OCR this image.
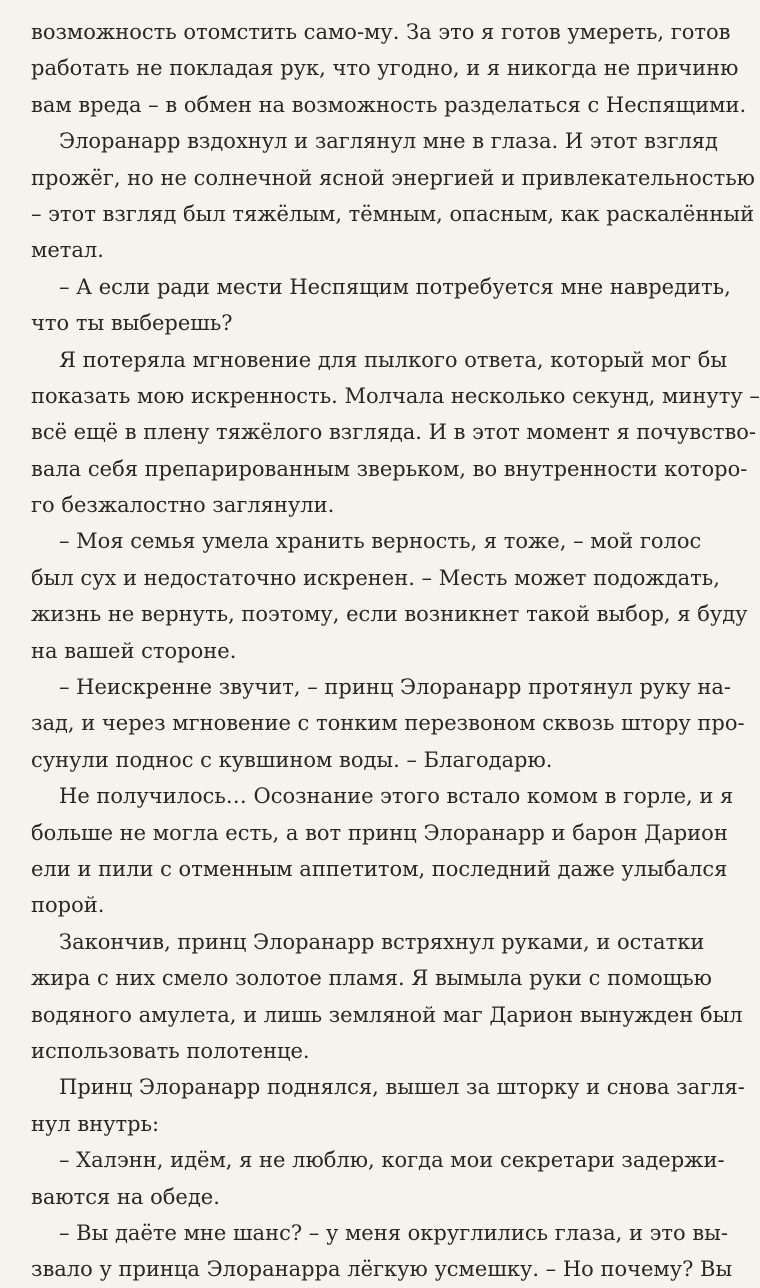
возможность отомстить само-му. За это я готов умереть, готов
работать не покладая рук, что угодно, и я никогда не причиню
вам вреда – в обмен на возможность разделаться с Неспящими.
Элоранарр вздохнул и заглянул мне в глаза. И этот взгляд
прожёг, но не солнечной ясной энергией и привлекательностью
– этот взгляд был тяжёлым, тёмным, опасным, как раскалённый
метал.
– А если ради мести Неспящим потребуется мне навредить,
что ты выберешь?
Я потеряла мгновение для пылкого ответа, который мог бы
показать мою искренность. Молчала несколько секунд, минуту –
всё ещё в плену тяжёлого взгляда. И в этот момент я почувство-
вала себя препарированным зверьком, во внутренности которо-
го безжалостно заглянули.
– Моя семья умела хранить верность, я тоже, – мой голос
был сух и недостаточно искренен. – Месть может подождать,
жизнь не вернуть, поэтому, если возникнет такой выбор, я буду
на вашей стороне.
– Неискренне звучит, – принц Элоранарр протянул руку на-
зад, и через мгновение с тонким перезвоном сквозь штору про-
сунули поднос с кувшином воды. – Благодарю.
Не получилось… Осознание этого встало комом в горле, и я
больше не могла есть, а вот принц Элоранарр и барон Дарион
ели и пили с отменным аппетитом, последний даже улыбался
порой.
Закончив, принц Элоранарр встряхнул руками, и остатки
жира с них смело золотое пламя. Я вымыла руки с помощью
водяного амулета, и лишь земляной маг Дарион вынужден был
использовать полотенце.
Принц Элоранарр поднялся, вышел за шторку и снова загля-
нул внутрь:
– Халэнн, идём, я не люблю, когда мои секретари задержи-
ваются на обеде.
– Вы даёте мне шанс? – у меня округлились глаза, и это вы-
звало у принца Элоранарра лёгкую усмешку. – Но почему? Вы
